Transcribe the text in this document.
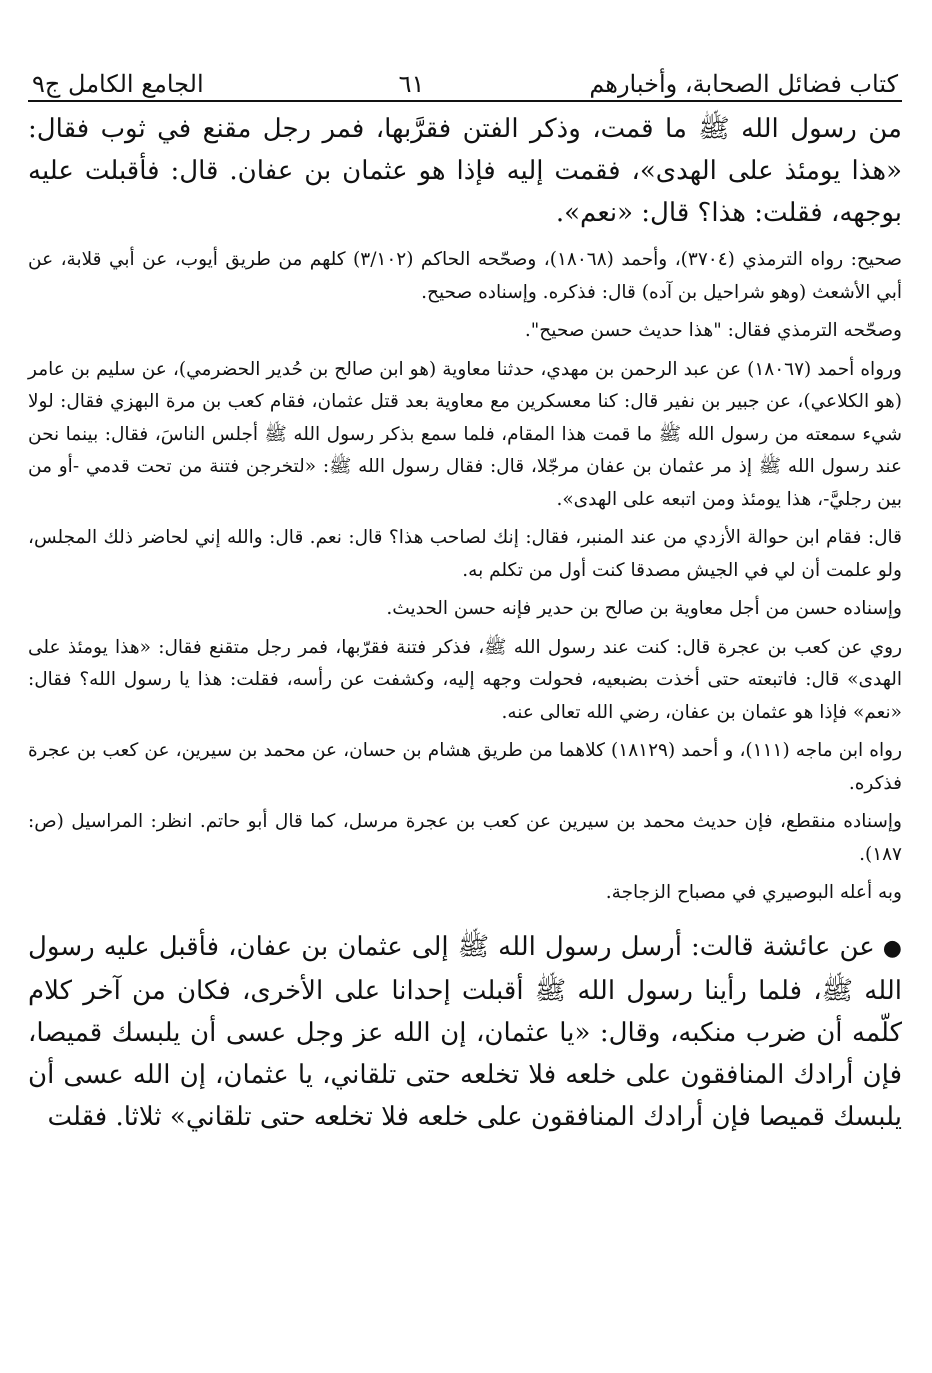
كتاب فضائل الصحابة، وأخبارهم
٦١
الجامع الكامل ج٩

من رسول الله ﷺ ما قمت، وذكر الفتن فقرَّبها، فمر رجل مقنع في ثوب فقال: «هذا يومئذ على الهدى»، فقمت إليه فإذا هو عثمان بن عفان. قال: فأقبلت عليه بوجهه، فقلت: هذا؟ قال: «نعم».

صحيح: رواه الترمذي (٣٧٠٤)، وأحمد (١٨٠٦٨)، وصحّحه الحاكم (٣/١٠٢) كلهم من طريق أيوب، عن أبي قلابة، عن أبي الأشعث (وهو شراحيل بن آده) قال: فذكره. وإسناده صحيح.

وصحّحه الترمذي فقال: "هذا حديث حسن صحيح".

ورواه أحمد (١٨٠٦٧) عن عبد الرحمن بن مهدي، حدثنا معاوية (هو ابن صالح بن حُدير الحضرمي)، عن سليم بن عامر (هو الكلاعي)، عن جبير بن نفير قال: كنا معسكرين مع معاوية بعد قتل عثمان، فقام كعب بن مرة البهزي فقال: لولا شيء سمعته من رسول الله ﷺ ما قمت هذا المقام، فلما سمع بذكر رسول الله ﷺ أجلس الناسَ، فقال: بينما نحن عند رسول الله ﷺ إذ مر عثمان بن عفان مرجّلا، قال: فقال رسول الله ﷺ: «لتخرجن فتنة من تحت قدمي -أو من بين رجليَّ-، هذا يومئذ ومن اتبعه على الهدى».

قال: فقام ابن حوالة الأزدي من عند المنبر، فقال: إنك لصاحب هذا؟ قال: نعم. قال: والله إني لحاضر ذلك المجلس، ولو علمت أن لي في الجيش مصدقا كنت أول من تكلم به.

وإسناده حسن من أجل معاوية بن صالح بن حدير فإنه حسن الحديث.

روي عن كعب بن عجرة قال: كنت عند رسول الله ﷺ، فذكر فتنة فقرّبها، فمر رجل متقنع فقال: «هذا يومئذ على الهدى» قال: فاتبعته حتى أخذت بضبعيه، فحولت وجهه إليه، وكشفت عن رأسه، فقلت: هذا يا رسول الله؟ فقال: «نعم» فإذا هو عثمان بن عفان، رضي الله تعالى عنه.

رواه ابن ماجه (١١١)، و أحمد (١٨١٢٩) كلاهما من طريق هشام بن حسان، عن محمد بن سيرين، عن كعب بن عجرة فذكره.

وإسناده منقطع، فإن حديث محمد بن سيرين عن كعب بن عجرة مرسل، كما قال أبو حاتم. انظر: المراسيل (ص: ١٨٧).

وبه أعله البوصيري في مصباح الزجاجة.

●عن عائشة قالت: أرسل رسول الله ﷺ إلى عثمان بن عفان، فأقبل عليه رسول الله ﷺ، فلما رأينا رسول الله ﷺ أقبلت إحدانا على الأخرى، فكان من آخر كلام كلّمه أن ضرب منكبه، وقال: «يا عثمان، إن الله عز وجل عسى أن يلبسك قميصا، فإن أرادك المنافقون على خلعه فلا تخلعه حتى تلقاني، يا عثمان، إن الله عسى أن يلبسك قميصا فإن أرادك المنافقون على خلعه فلا تخلعه حتى تلقاني» ثلاثا. فقلت
